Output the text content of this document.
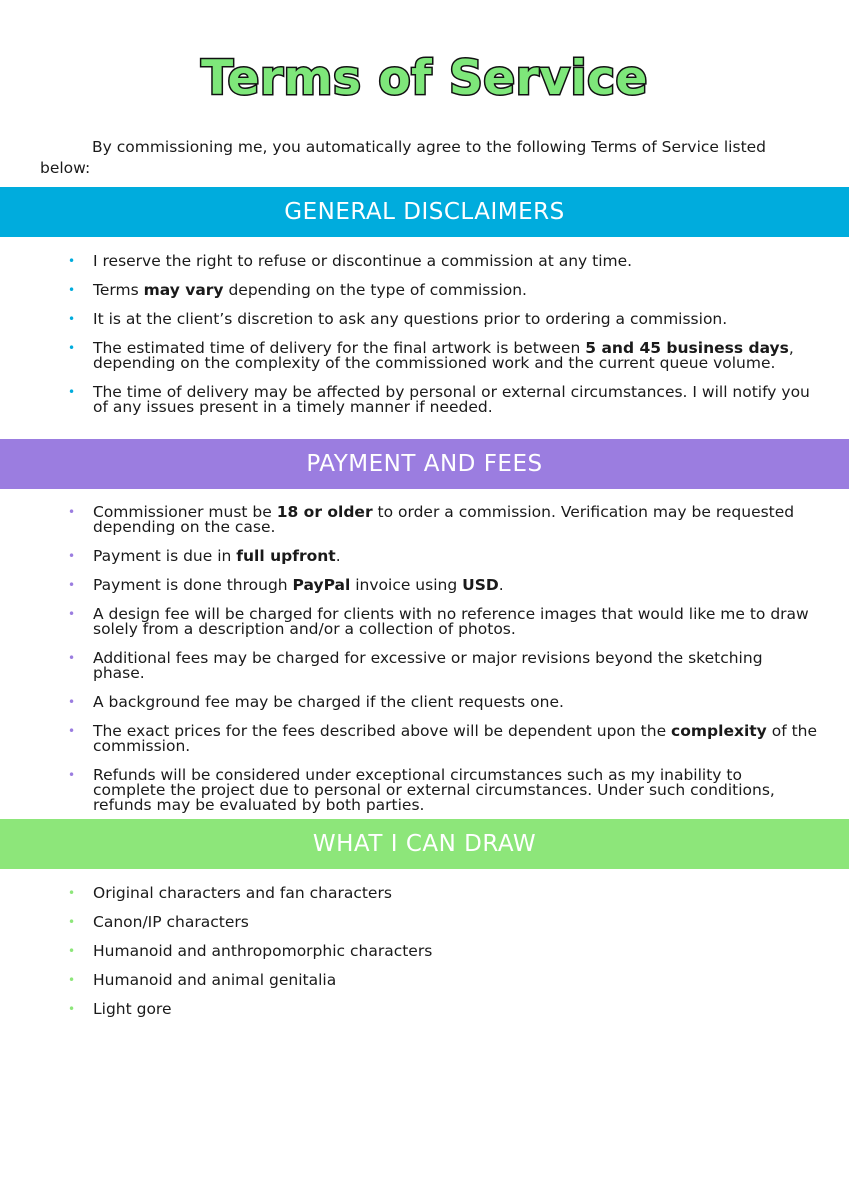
Terms of Service

By commissioning me, you automatically agree to the following Terms of Service listed below:

GENERAL DISCLAIMERS
• I reserve the right to refuse or discontinue a commission at any time.
• Terms may vary depending on the type of commission.
• It is at the client’s discretion to ask any questions prior to ordering a commission.
• The estimated time of delivery for the final artwork is between 5 and 45 business days, depending on the complexity of the commissioned work and the current queue volume.
• The time of delivery may be affected by personal or external circumstances. I will notify you of any issues present in a timely manner if needed.
PAYMENT AND FEES
• Commissioner must be 18 or older to order a commission. Verification may be requested depending on the case.
• Payment is due in full upfront.
• Payment is done through PayPal invoice using USD.
• A design fee will be charged for clients with no reference images that would like me to draw solely from a description and/or a collection of photos.
• Additional fees may be charged for excessive or major revisions beyond the sketching phase.
• A background fee may be charged if the client requests one.
• The exact prices for the fees described above will be dependent upon the complexity of the commission.
• Refunds will be considered under exceptional circumstances such as my inability to complete the project due to personal or external circumstances. Under such conditions, refunds may be evaluated by both parties.
WHAT I CAN DRAW
• Original characters and fan characters
• Canon/IP characters
• Humanoid and anthropomorphic characters
• Humanoid and animal genitalia
• Light gore
